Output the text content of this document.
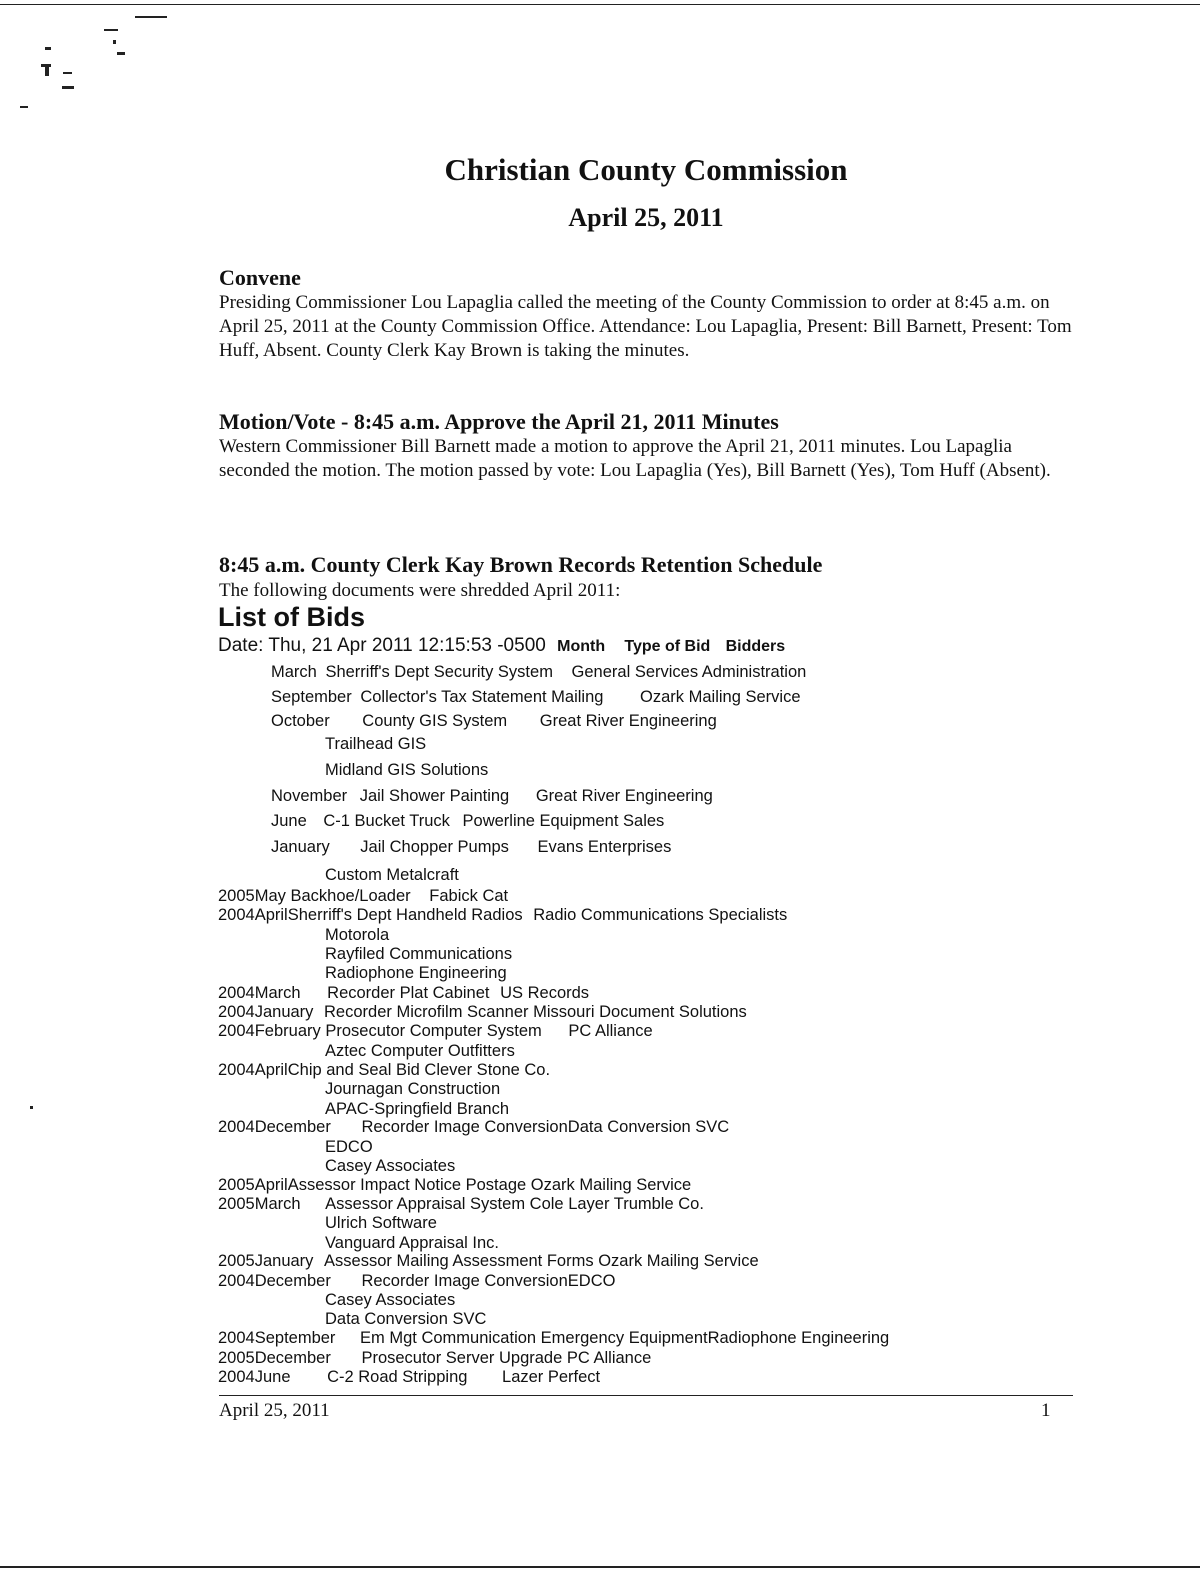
Christian County Commission
April 25, 2011
Convene
Presiding Commissioner Lou Lapaglia called the meeting of the County Commission to order at 8:45 a.m. on April 25, 2011 at the County Commission Office. Attendance: Lou Lapaglia, Present: Bill Barnett, Present: Tom Huff, Absent. County Clerk Kay Brown is taking the minutes.
Motion/Vote - 8:45 a.m. Approve the April 21, 2011 Minutes
Western Commissioner Bill Barnett made a motion to approve the April 21, 2011 minutes. Lou Lapaglia seconded the motion. The motion passed by vote: Lou Lapaglia (Yes), Bill Barnett (Yes), Tom Huff (Absent).
8:45 a.m. County Clerk Kay Brown Records Retention Schedule
The following documents were shredded April 2011:
List of Bids
Date: Thu, 21 Apr 2011 12:15:53 -0500 Month Type of Bid Bidders
March Sherriff's Dept Security System General Services Administration
September Collector's Tax Statement Mailing Ozark Mailing Service
October County GIS System Great River Engineering
Trailhead GIS
Midland GIS Solutions
November Jail Shower Painting Great River Engineering
June C-1 Bucket Truck Powerline Equipment Sales
January Jail Chopper Pumps Evans Enterprises
Custom Metalcraft
2005May Backhoe/Loader Fabick Cat
2004AprilSherriff's Dept Handheld Radios Radio Communications Specialists
Motorola
Rayfiled Communications
Radiophone Engineering
2004March Recorder Plat Cabinet US Records
2004January Recorder Microfilm Scanner Missouri Document Solutions
2004February Prosecutor Computer System PC Alliance
Aztec Computer Outfitters
2004AprilChip and Seal Bid Clever Stone Co.
Journagan Construction
APAC-Springfield Branch
2004December Recorder Image ConversionData Conversion SVC
EDCO
Casey Associates
2005AprilAssessor Impact Notice Postage Ozark Mailing Service
2005March Assessor Appraisal System Cole Layer Trumble Co.
Ulrich Software
Vanguard Appraisal Inc.
2005January Assessor Mailing Assessment Forms Ozark Mailing Service
2004December Recorder Image ConversionEDCO
Casey Associates
Data Conversion SVC
2004September Em Mgt Communication Emergency EquipmentRadiophone Engineering
2005December Prosecutor Server Upgrade PC Alliance
2004June C-2 Road Stripping Lazer Perfect
April 25, 2011	1
